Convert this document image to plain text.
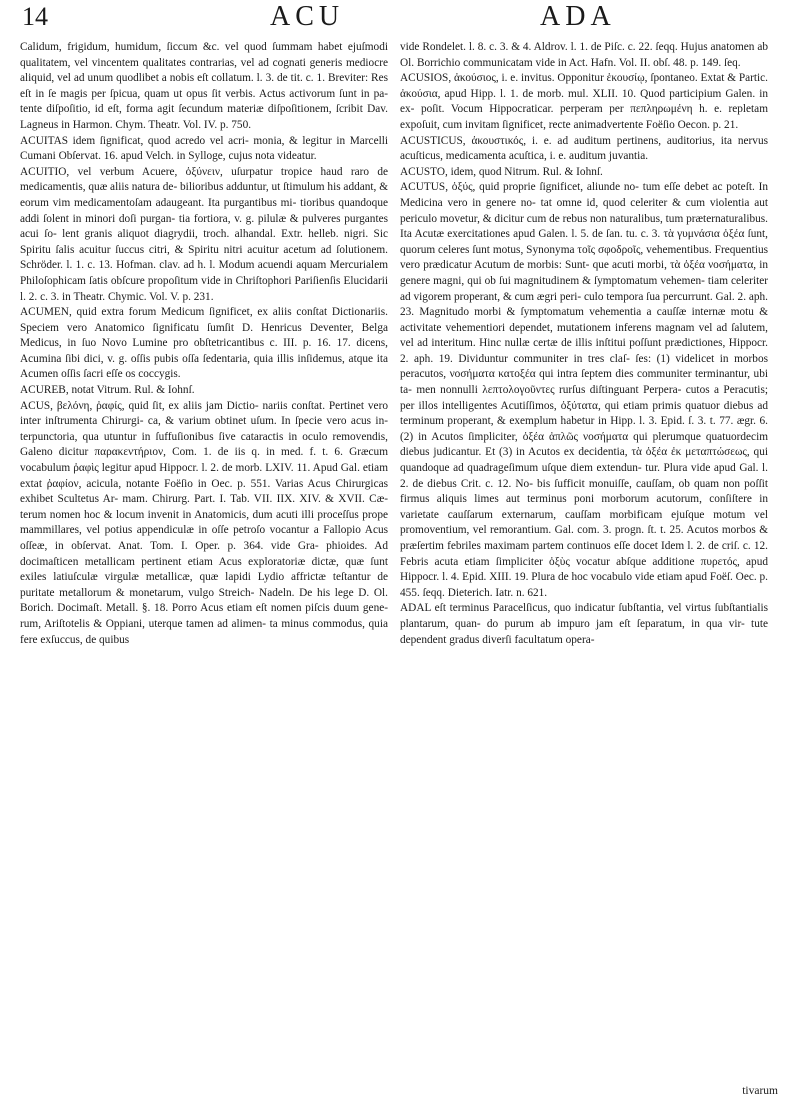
14	ACU	ADA

Calidum, frigidum, humidum, ſiccum &c. vel quod ſummam habet ejuſmodi qualitatem, vel vincentem qualitates contrarias, vel ad cognati generis mediocre aliquid, vel ad unum quodlibet a nobis eſt collatum. l. 3. de tit. c. 1. Breviter: Res eſt in ſe magis per ſpicua, quam ut opus ſit verbis. Actus activorum ſunt in pa- tente diſpoſitio, id eſt, forma agit ſecundum materiæ diſpoſitionem, ſcribit Dav. Lagneus in Harmon. Chym. Theatr. Vol. IV. p. 750.

ACUITAS idem ſignificat, quod acredo vel acri- monia, & legitur in Marcelli Cumani Obſervat. 16. apud Velch. in Sylloge, cujus nota videatur.

ACUITIO, vel verbum Acuere, ὀξύνειν, uſurpatur tropice haud raro de medicamentis, quæ aliis natura de- bilioribus adduntur, ut ſtimulum his addant, & eorum vim medicamentoſam adaugeant. Ita purgantibus mi- tioribus quandoque addi ſolent in minori doſi purgan- tia fortiora, v. g. pilulæ & pulveres purgantes acui ſo- lent granis aliquot diagrydii, troch. alhandal. Extr. helleb. nigri. Sic Spiritu ſalis acuitur ſuccus citri, & Spiritu nitri acuitur acetum ad ſolutionem. Schröder. l. 1. c. 13. Hofman. clav. ad h. l. Modum acuendi aquam Mercurialem Philoſophicam ſatis obſcure propoſitum vide in Chriſtophori Pariſienſis Elucidarii l. 2. c. 3. in Theatr. Chymic. Vol. V. p. 231.

ACUMEN, quid extra forum Medicum ſignificet, ex aliis conſtat Dictionariis. Speciem vero Anatomico ſignificatu ſumſit D. Henricus Deventer, Belga Medicus, in ſuo Novo Lumine pro obſtetricantibus c. III. p. 16. 17. dicens, Acumina ſibi dici, v. g. oſſis pubis oſſa ſedentaria, quia illis inſidemus, atque ita Acumen oſſis ſacri eſſe os coccygis.

ACUREB, notat Vitrum. Rul. & Iohnſ.

ACUS, βελόνη, ῥαφίς, quid ſit, ex aliis jam Dictio- nariis conſtat. Pertinet vero inter inſtrumenta Chirurgi- ca, & varium obtinet uſum. In ſpecie vero acus in- terpunctoria, qua utuntur in ſuffuſionibus ſive cataractis in oculo removendis, Galeno dicitur παρακεντήριον, Com. 1. de iis q. in med. f. t. 6. Græcum vocabulum ῥαφὶς legitur apud Hippocr. l. 2. de morb. LXIV. 11. Apud Gal. etiam extat ῥαφίον, acicula, notante Foëſio in Oec. p. 551. Varias Acus Chirurgicas exhibet Scultetus Ar- mam. Chirurg. Part. I. Tab. VII. IIX. XIV. & XVII. Cæ- terum nomen hoc & locum invenit in Anatomicis, dum acuti illi proceſſus prope mammillares, vel potius appendiculæ in oſſe petroſo vocantur a Fallopio Acus oſſeæ, in obſervat. Anat. Tom. I. Oper. p. 364. vide Gra- phioides. Ad docimaſticen metallicam pertinent etiam Acus exploratoriæ dictæ, quæ ſunt exiles latiuſculæ virgulæ metallicæ, quæ lapidi Lydio affrictæ teſtantur de puritate metallorum & monetarum, vulgo Streich- Nadeln. De his lege D. Ol. Borich. Docimaſt. Metall. §. 18. Porro Acus etiam eſt nomen piſcis duum gene- rum, Ariſtotelis & Oppiani, uterque tamen ad alimen- ta minus commodus, quia fere exſuccus, de quibus

vide Rondelet. l. 8. c. 3. & 4. Aldrov. l. 1. de Piſc. c. 22. ſeqq. Hujus anatomen ab Ol. Borrichio communicatam vide in Act. Hafn. Vol. II. obſ. 48. p. 149. ſeq.

ACUSIOS, ἀκούσιος, i. e. invitus. Opponitur ἑκουσίῳ, ſpontaneo. Extat & Partic. ἀκούσια, apud Hipp. l. 1. de morb. mul. XLII. 10. Quod participium Galen. in ex- poſit. Vocum Hippocraticar. perperam per πεπληρωμένη h. e. repletam expoſuit, cum invitam ſignificet, recte animadvertente Foëſio Oecon. p. 21.

ACUSTICUS, ἀκουστικός, i. e. ad auditum pertinens, auditorius, ita nervus acuſticus, medicamenta acuſtica, i. e. auditum juvantia.

ACUSTO, idem, quod Nitrum. Rul. & Iohnſ.

ACUTUS, ὀξύς, quid proprie ſignificet, aliunde no- tum eſſe debet ac poteſt. In Medicina vero in genere no- tat omne id, quod celeriter & cum violentia aut periculo movetur, & dicitur cum de rebus non naturalibus, tum præternaturalibus. Ita Acutæ exercitationes apud Galen. l. 5. de ſan. tu. c. 3. τὰ γυμνάσια ὀξέα ſunt, quorum celeres ſunt motus, Synonyma τοῖς σφοδροῖς, vehementibus. Frequentius vero prædicatur Acutum de morbis: Sunt- que acuti morbi, τὰ ὀξέα νοσήματα, in genere magni, qui ob ſui magnitudinem & ſymptomatum vehemen- tiam celeriter ad vigorem properant, & cum ægri peri- culo tempora ſua percurrunt. Gal. 2. aph. 23. Magnitudo morbi & ſymptomatum vehementia a cauſſæ internæ motu & activitate vehementiori dependet, mutationem inferens magnam vel ad ſalutem, vel ad interitum. Hinc nullæ certæ de illis inſtitui poſſunt prædictiones, Hippocr. 2. aph. 19. Dividuntur communiter in tres claſ- ſes: (1) videlicet in morbos peracutos, νοσήματα κατοξέα qui intra ſeptem dies communiter terminantur, ubi ta- men nonnulli λεπτολογοῦντες rurſus diſtinguant Perpera- cutos a Peracutis; per illos intelligentes Acutiſſimos, ὀξύτατα, qui etiam primis quatuor diebus ad terminum properant, & exemplum habetur in Hipp. l. 3. Epid. ſ. 3. t. 77. ægr. 6. (2) in Acutos ſimpliciter, ὀξέα ἁπλῶς νοσήματα qui plerumque quatuordecim diebus judicantur. Et (3) in Acutos ex decidentia, τὰ ὀξέα ἐκ μεταπτώσεως, qui quandoque ad quadrageſimum uſque diem extendun- tur. Plura vide apud Gal. l. 2. de diebus Crit. c. 12. No- bis ſufficit monuiſſe, cauſſam, ob quam non poſſit firmus aliquis limes aut terminus poni morborum acutorum, conſiſtere in varietate cauſſarum externarum, cauſſam morbificam ejuſque motum vel promoventium, vel remorantium. Gal. com. 3. progn. ſt. t. 25. Acutos morbos & præſertim febriles maximam partem continuos eſſe docet Idem l. 2. de criſ. c. 12. Febris acuta etiam ſimpliciter ὀξὺς vocatur abſque additione πυρετός, apud Hippocr. l. 4. Epid. XIII. 19. Plura de hoc vocabulo vide etiam apud Foëſ. Oec. p. 455. ſeqq. Dieterich. Iatr. n. 621.

ADAL eſt terminus Paracelſicus, quo indicatur ſubſtantia, vel virtus ſubſtantialis plantarum, quan- do purum ab impuro jam eſt ſeparatum, in qua vir- tute dependent gradus diverſi facultatum opera-

tivarum
